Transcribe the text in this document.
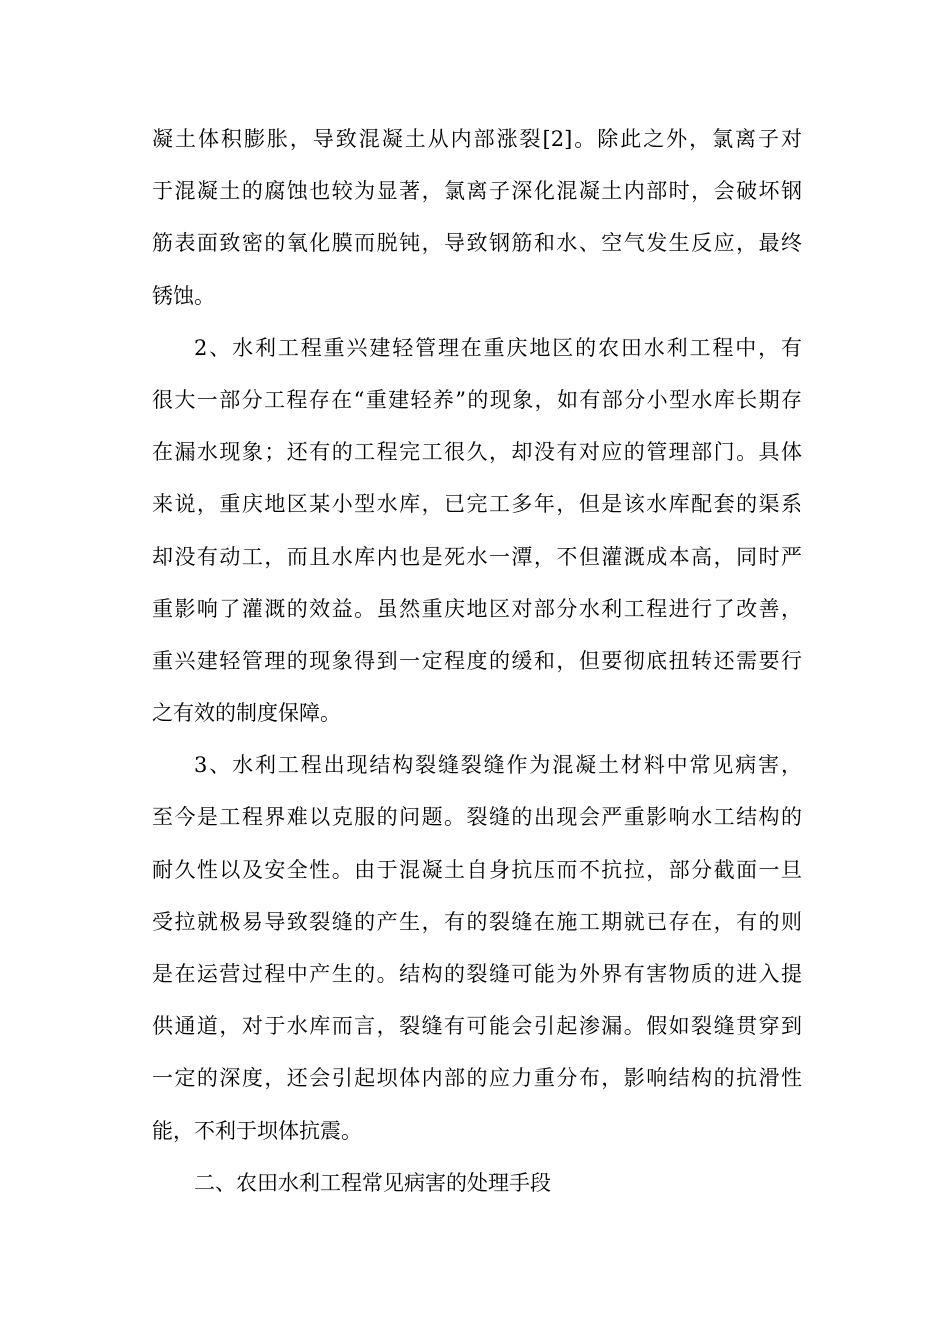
凝土体积膨胀，导致混凝土从内部涨裂[2]。除此之外，氯离子对
于混凝土的腐蚀也较为显著，氯离子深化混凝土内部时，会破坏钢
筋表面致密的氧化膜而脱钝，导致钢筋和水、空气发生反应，最终
锈蚀。
2、水利工程重兴建轻管理在重庆地区的农田水利工程中，有
很大一部分工程存在“重建轻养”的现象，如有部分小型水库长期存
在漏水现象；还有的工程完工很久，却没有对应的管理部门。具体
来说，重庆地区某小型水库，已完工多年，但是该水库配套的渠系
却没有动工，而且水库内也是死水一潭，不但灌溉成本高，同时严
重影响了灌溉的效益。虽然重庆地区对部分水利工程进行了改善，
重兴建轻管理的现象得到一定程度的缓和，但要彻底扭转还需要行
之有效的制度保障。
3、水利工程出现结构裂缝裂缝作为混凝土材料中常见病害，
至今是工程界难以克服的问题。裂缝的出现会严重影响水工结构的
耐久性以及安全性。由于混凝土自身抗压而不抗拉，部分截面一旦
受拉就极易导致裂缝的产生，有的裂缝在施工期就已存在，有的则
是在运营过程中产生的。结构的裂缝可能为外界有害物质的进入提
供通道，对于水库而言，裂缝有可能会引起渗漏。假如裂缝贯穿到
一定的深度，还会引起坝体内部的应力重分布，影响结构的抗滑性
能，不利于坝体抗震。
二、农田水利工程常见病害的处理手段
